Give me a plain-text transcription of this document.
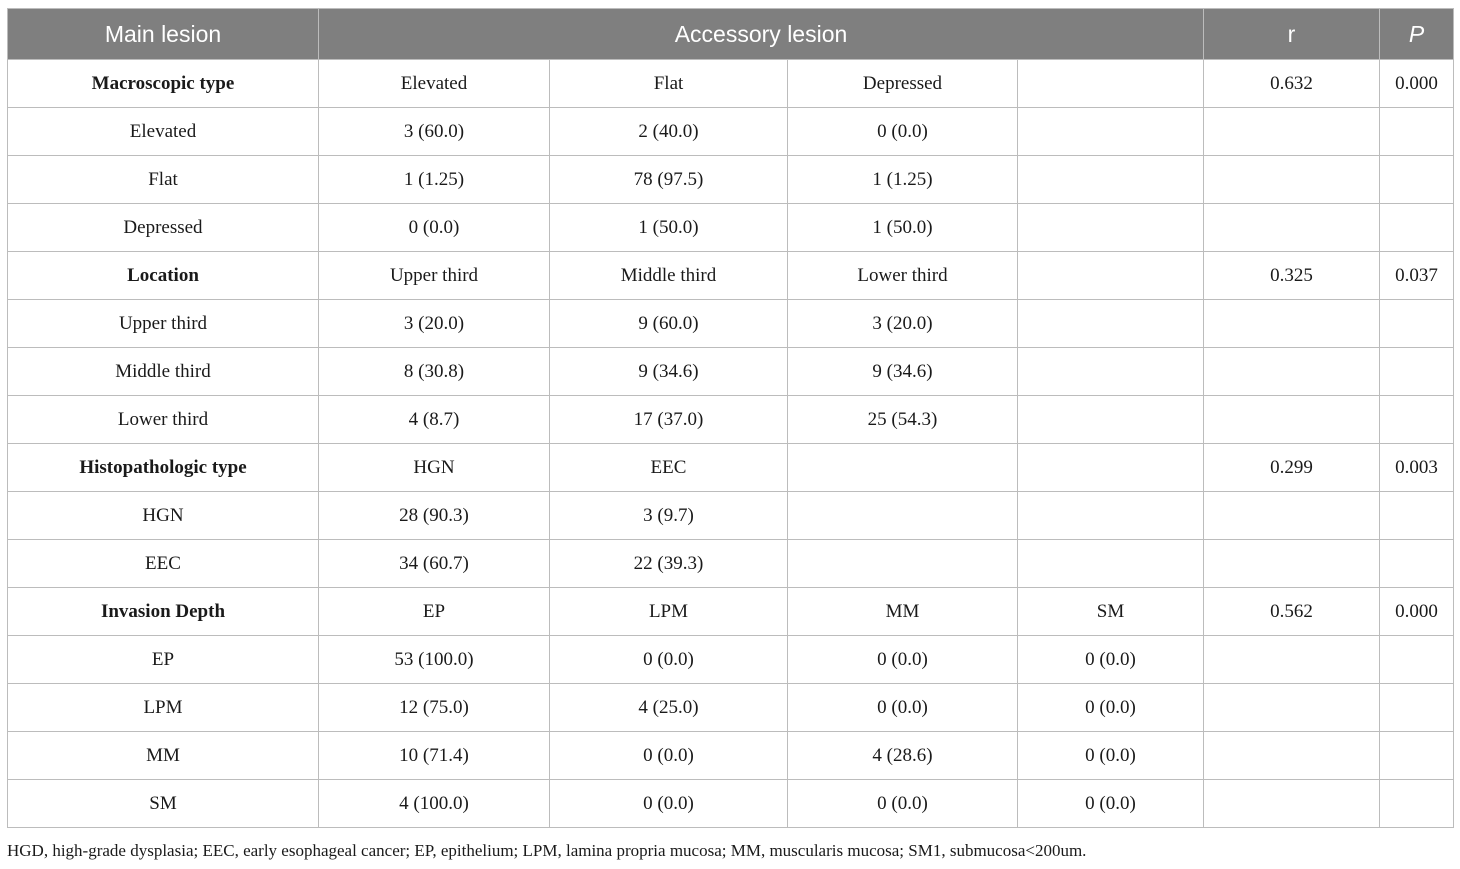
Main lesion	Accessory lesion				r	P
Macroscopic type	Elevated	Flat	Depressed		0.632	0.000
Elevated	3 (60.0)	2 (40.0)	0 (0.0)			
Flat	1 (1.25)	78 (97.5)	1 (1.25)			
Depressed	0 (0.0)	1 (50.0)	1 (50.0)			
Location	Upper third	Middle third	Lower third		0.325	0.037
Upper third	3 (20.0)	9 (60.0)	3 (20.0)			
Middle third	8 (30.8)	9 (34.6)	9 (34.6)			
Lower third	4 (8.7)	17 (37.0)	25 (54.3)			
Histopathologic type	HGN	EEC			0.299	0.003
HGN	28 (90.3)	3 (9.7)				
EEC	34 (60.7)	22 (39.3)				
Invasion Depth	EP	LPM	MM	SM	0.562	0.000
EP	53 (100.0)	0 (0.0)	0 (0.0)	0 (0.0)		
LPM	12 (75.0)	4 (25.0)	0 (0.0)	0 (0.0)		
MM	10 (71.4)	0 (0.0)	4 (28.6)	0 (0.0)		
SM	4 (100.0)	0 (0.0)	0 (0.0)	0 (0.0)		
HGD, high-grade dysplasia; EEC, early esophageal cancer; EP, epithelium; LPM, lamina propria mucosa; MM, muscularis mucosa; SM1, submucosa<200um.
